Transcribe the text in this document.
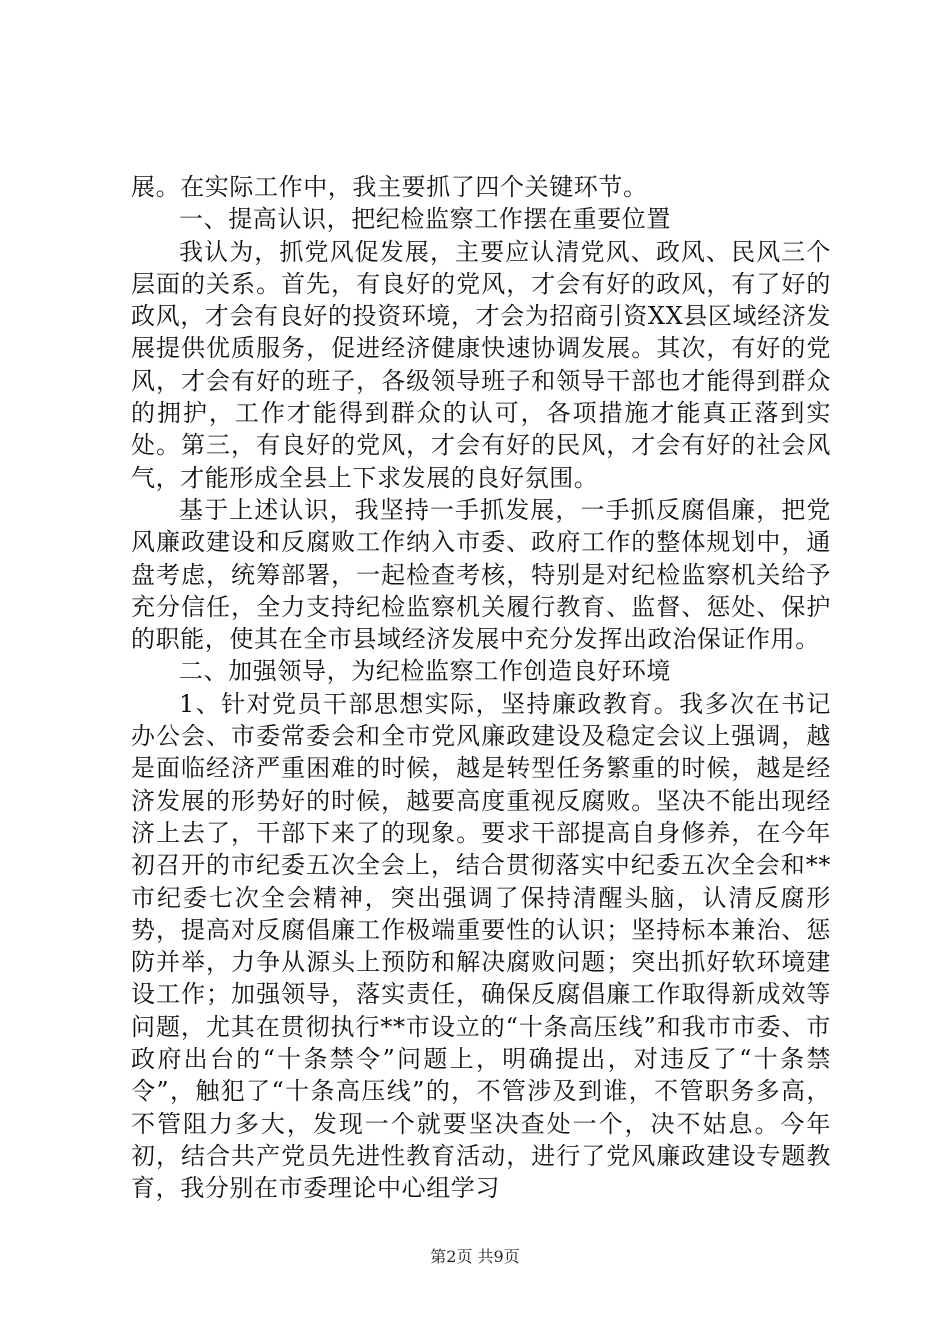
展。在实际工作中，我主要抓了四个关键环节。

一、提高认识，把纪检监察工作摆在重要位置

我认为，抓党风促发展，主要应认清党风、政风、民风三个层面的关系。首先，有良好的党风，才会有好的政风，有了好的政风，才会有良好的投资环境，才会为招商引资XX县区域经济发展提供优质服务，促进经济健康快速协调发展。其次，有好的党风，才会有好的班子，各级领导班子和领导干部也才能得到群众的拥护，工作才能得到群众的认可，各项措施才能真正落到实处。第三，有良好的党风，才会有好的民风，才会有好的社会风气，才能形成全县上下求发展的良好氛围。

基于上述认识，我坚持一手抓发展，一手抓反腐倡廉，把党风廉政建设和反腐败工作纳入市委、政府工作的整体规划中，通盘考虑，统筹部署，一起检查考核，特别是对纪检监察机关给予充分信任，全力支持纪检监察机关履行教育、监督、惩处、保护的职能，使其在全市县域经济发展中充分发挥出政治保证作用。

二、加强领导，为纪检监察工作创造良好环境

1、针对党员干部思想实际，坚持廉政教育。我多次在书记办公会、市委常委会和全市党风廉政建设及稳定会议上强调，越是面临经济严重困难的时候，越是转型任务繁重的时候，越是经济发展的形势好的时候，越要高度重视反腐败。坚决不能出现经济上去了，干部下来了的现象。要求干部提高自身修养，在今年初召开的市纪委五次全会上，结合贯彻落实中纪委五次全会和**市纪委七次全会精神，突出强调了保持清醒头脑，认清反腐形势，提高对反腐倡廉工作极端重要性的认识；坚持标本兼治、惩防并举，力争从源头上预防和解决腐败问题；突出抓好软环境建设工作；加强领导，落实责任，确保反腐倡廉工作取得新成效等问题，尤其在贯彻执行**市设立的“十条高压线”和我市市委、市政府出台的“十条禁令”问题上，明确提出，对违反了“十条禁令”，触犯了“十条高压线”的，不管涉及到谁，不管职务多高，不管阻力多大，发现一个就要坚决查处一个，决不姑息。今年初，结合共产党员先进性教育活动，进行了党风廉政建设专题教育，我分别在市委理论中心组学习

第2页 共9页
